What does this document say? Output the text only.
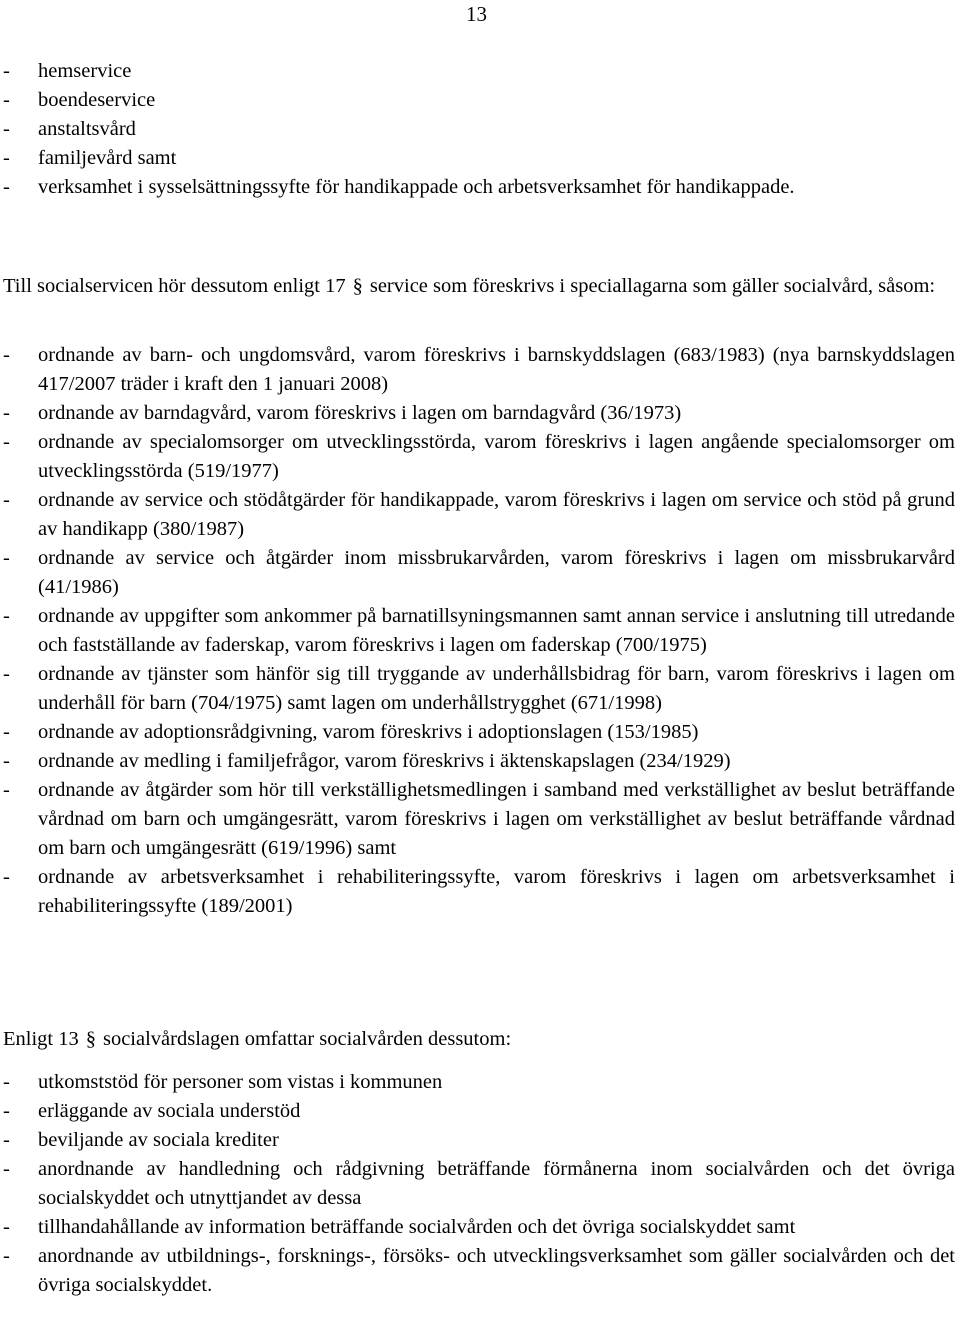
13
- hemservice
- boendeservice
- anstaltsvård
- familjevård samt
- verksamhet i sysselsättningssyfte för handikappade och arbetsverksamhet för handikappade.

Till socialservicen hör dessutom enligt 17 § service som föreskrivs i speciallagarna som gäller socialvård, såsom:

- ordnande av barn- och ungdomsvård, varom föreskrivs i barnskyddslagen (683/1983) (nya barnskyddslagen 417/2007 träder i kraft den 1 januari 2008)
- ordnande av barndagvård, varom föreskrivs i lagen om barndagvård (36/1973)
- ordnande av specialomsorger om utvecklingsstörda, varom föreskrivs i lagen angående specialomsorger om utvecklingsstörda (519/1977)
- ordnande av service och stödåtgärder för handikappade, varom föreskrivs i lagen om service och stöd på grund av handikapp (380/1987)
- ordnande av service och åtgärder inom missbrukarvården, varom föreskrivs i lagen om missbrukarvård (41/1986)
- ordnande av uppgifter som ankommer på barnatillsyningsmannen samt annan service i anslutning till utredande och fastställande av faderskap, varom föreskrivs i lagen om faderskap (700/1975)
- ordnande av tjänster som hänför sig till tryggande av underhållsbidrag för barn, varom föreskrivs i lagen om underhåll för barn (704/1975) samt lagen om underhållstrygghet (671/1998)
- ordnande av adoptionsrådgivning, varom föreskrivs i adoptionslagen (153/1985)
- ordnande av medling i familjefrågor, varom föreskrivs i äktenskapslagen (234/1929)
- ordnande av åtgärder som hör till verkställighetsmedlingen i samband med verkställighet av beslut beträffande vårdnad om barn och umgängesrätt, varom föreskrivs i lagen om verkställighet av beslut beträffande vårdnad om barn och umgängesrätt (619/1996) samt
- ordnande av arbetsverksamhet i rehabiliteringssyfte, varom föreskrivs i lagen om arbetsverksamhet i rehabiliteringssyfte (189/2001)

Enligt 13 § socialvårdslagen omfattar socialvården dessutom:

- utkomststöd för personer som vistas i kommunen
- erläggande av sociala understöd
- beviljande av sociala krediter
- anordnande av handledning och rådgivning beträffande förmånerna inom socialvården och det övriga socialskyddet och utnyttjandet av dessa
- tillhandahållande av information beträffande socialvården och det övriga socialskyddet samt
- anordnande av utbildnings-, forsknings-, försöks- och utvecklingsverksamhet som gäller socialvården och det övriga socialskyddet.
